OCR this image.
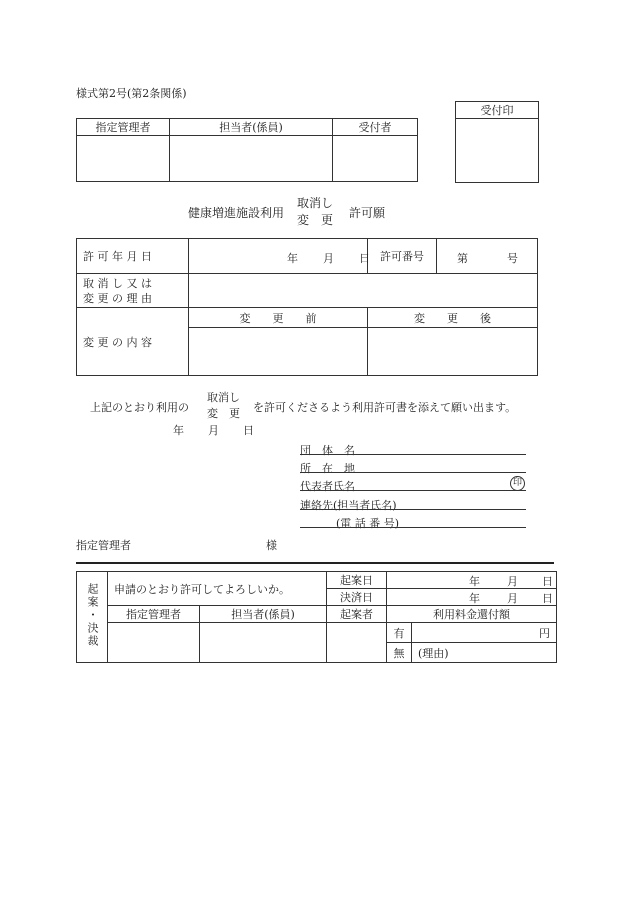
様式第2号(第2条関係)
指定管理者	担当者(係員)	受付者

受付印

健康増進施設利用
取消し
変　更 許可願
許 可 年 月 日	年 月 日	許可番号	第 号

取 消 し 又 は
変 更 の 理 由			

変 更 の 内 容	変　　更　　前	変　　更　　後	

上記のとおり利用の
取消し
変　更 を許可くださるよう利用許可書を添えて願い出ます。
年 月 日
団　体　名
所　在　地
代表者氏名	印
連絡先(担当者氏名)
(電 話 番 号)
指定管理者	様
起案・決裁	申請のとおり許可してよろしいか。		起案日	年 月 日	

			決済日	年 月 日	

	指定管理者	担当者(係員)	起案者	利用料金還付額	
				有	円
				無	(理由)
